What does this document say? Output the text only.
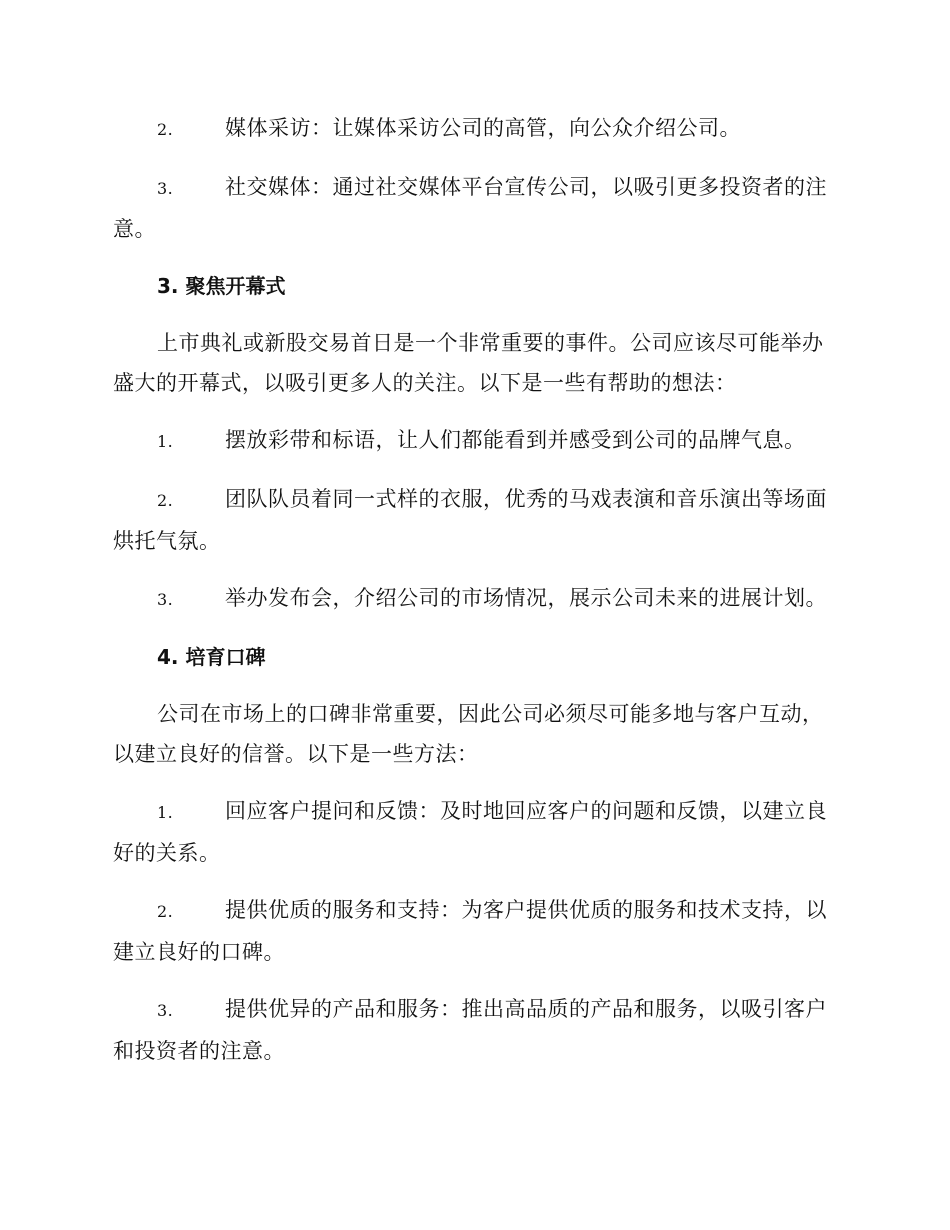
2. 媒体采访：让媒体采访公司的高管，向公众介绍公司。
3. 社交媒体：通过社交媒体平台宣传公司，以吸引更多投资者的注意。
3. 聚焦开幕式
上市典礼或新股交易首日是一个非常重要的事件。公司应该尽可能举办盛大的开幕式，以吸引更多人的关注。以下是一些有帮助的想法：
1. 摆放彩带和标语，让人们都能看到并感受到公司的品牌气息。
2. 团队队员着同一式样的衣服，优秀的马戏表演和音乐演出等场面烘托气氛。
3. 举办发布会，介绍公司的市场情况，展示公司未来的进展计划。
4. 培育口碑
公司在市场上的口碑非常重要，因此公司必须尽可能多地与客户互动，以建立良好的信誉。以下是一些方法：
1. 回应客户提问和反馈：及时地回应客户的问题和反馈，以建立良好的关系。
2. 提供优质的服务和支持：为客户提供优质的服务和技术支持，以建立良好的口碑。
3. 提供优异的产品和服务：推出高品质的产品和服务，以吸引客户和投资者的注意。
